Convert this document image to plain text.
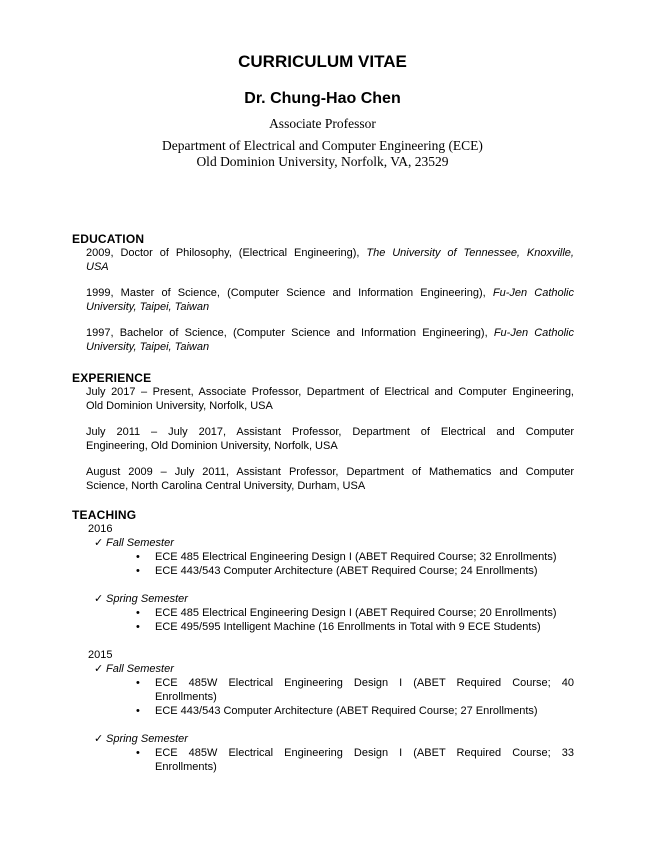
CURRICULUM VITAE
Dr. Chung-Hao Chen
Associate Professor
Department of Electrical and Computer Engineering (ECE)
Old Dominion University, Norfolk, VA, 23529
EDUCATION
2009, Doctor of Philosophy, (Electrical Engineering), The University of Tennessee, Knoxville,
USA
1999, Master of Science, (Computer Science and Information Engineering), Fu-Jen Catholic
University, Taipei, Taiwan
1997, Bachelor of Science, (Computer Science and Information Engineering), Fu-Jen Catholic
University, Taipei, Taiwan
EXPERIENCE
July 2017 – Present, Associate Professor, Department of Electrical and Computer Engineering,
Old Dominion University, Norfolk, USA
July 2011 – July 2017, Assistant Professor, Department of Electrical and Computer
Engineering, Old Dominion University, Norfolk, USA
August 2009 – July 2011, Assistant Professor, Department of Mathematics and Computer
Science, North Carolina Central University, Durham, USA
TEACHING
2016
✓ Fall Semester
•	ECE 485 Electrical Engineering Design I (ABET Required Course; 32 Enrollments)
•	ECE 443/543 Computer Architecture (ABET Required Course; 24 Enrollments)
✓ Spring Semester
•	ECE 485 Electrical Engineering Design I (ABET Required Course; 20 Enrollments)
•	ECE 495/595 Intelligent Machine (16 Enrollments in Total with 9 ECE Students)
2015
✓ Fall Semester
•	ECE 485W Electrical Engineering Design I (ABET Required Course; 40
Enrollments)
•	ECE 443/543 Computer Architecture (ABET Required Course; 27 Enrollments)
✓ Spring Semester
•	ECE 485W Electrical Engineering Design I (ABET Required Course; 33
Enrollments)
